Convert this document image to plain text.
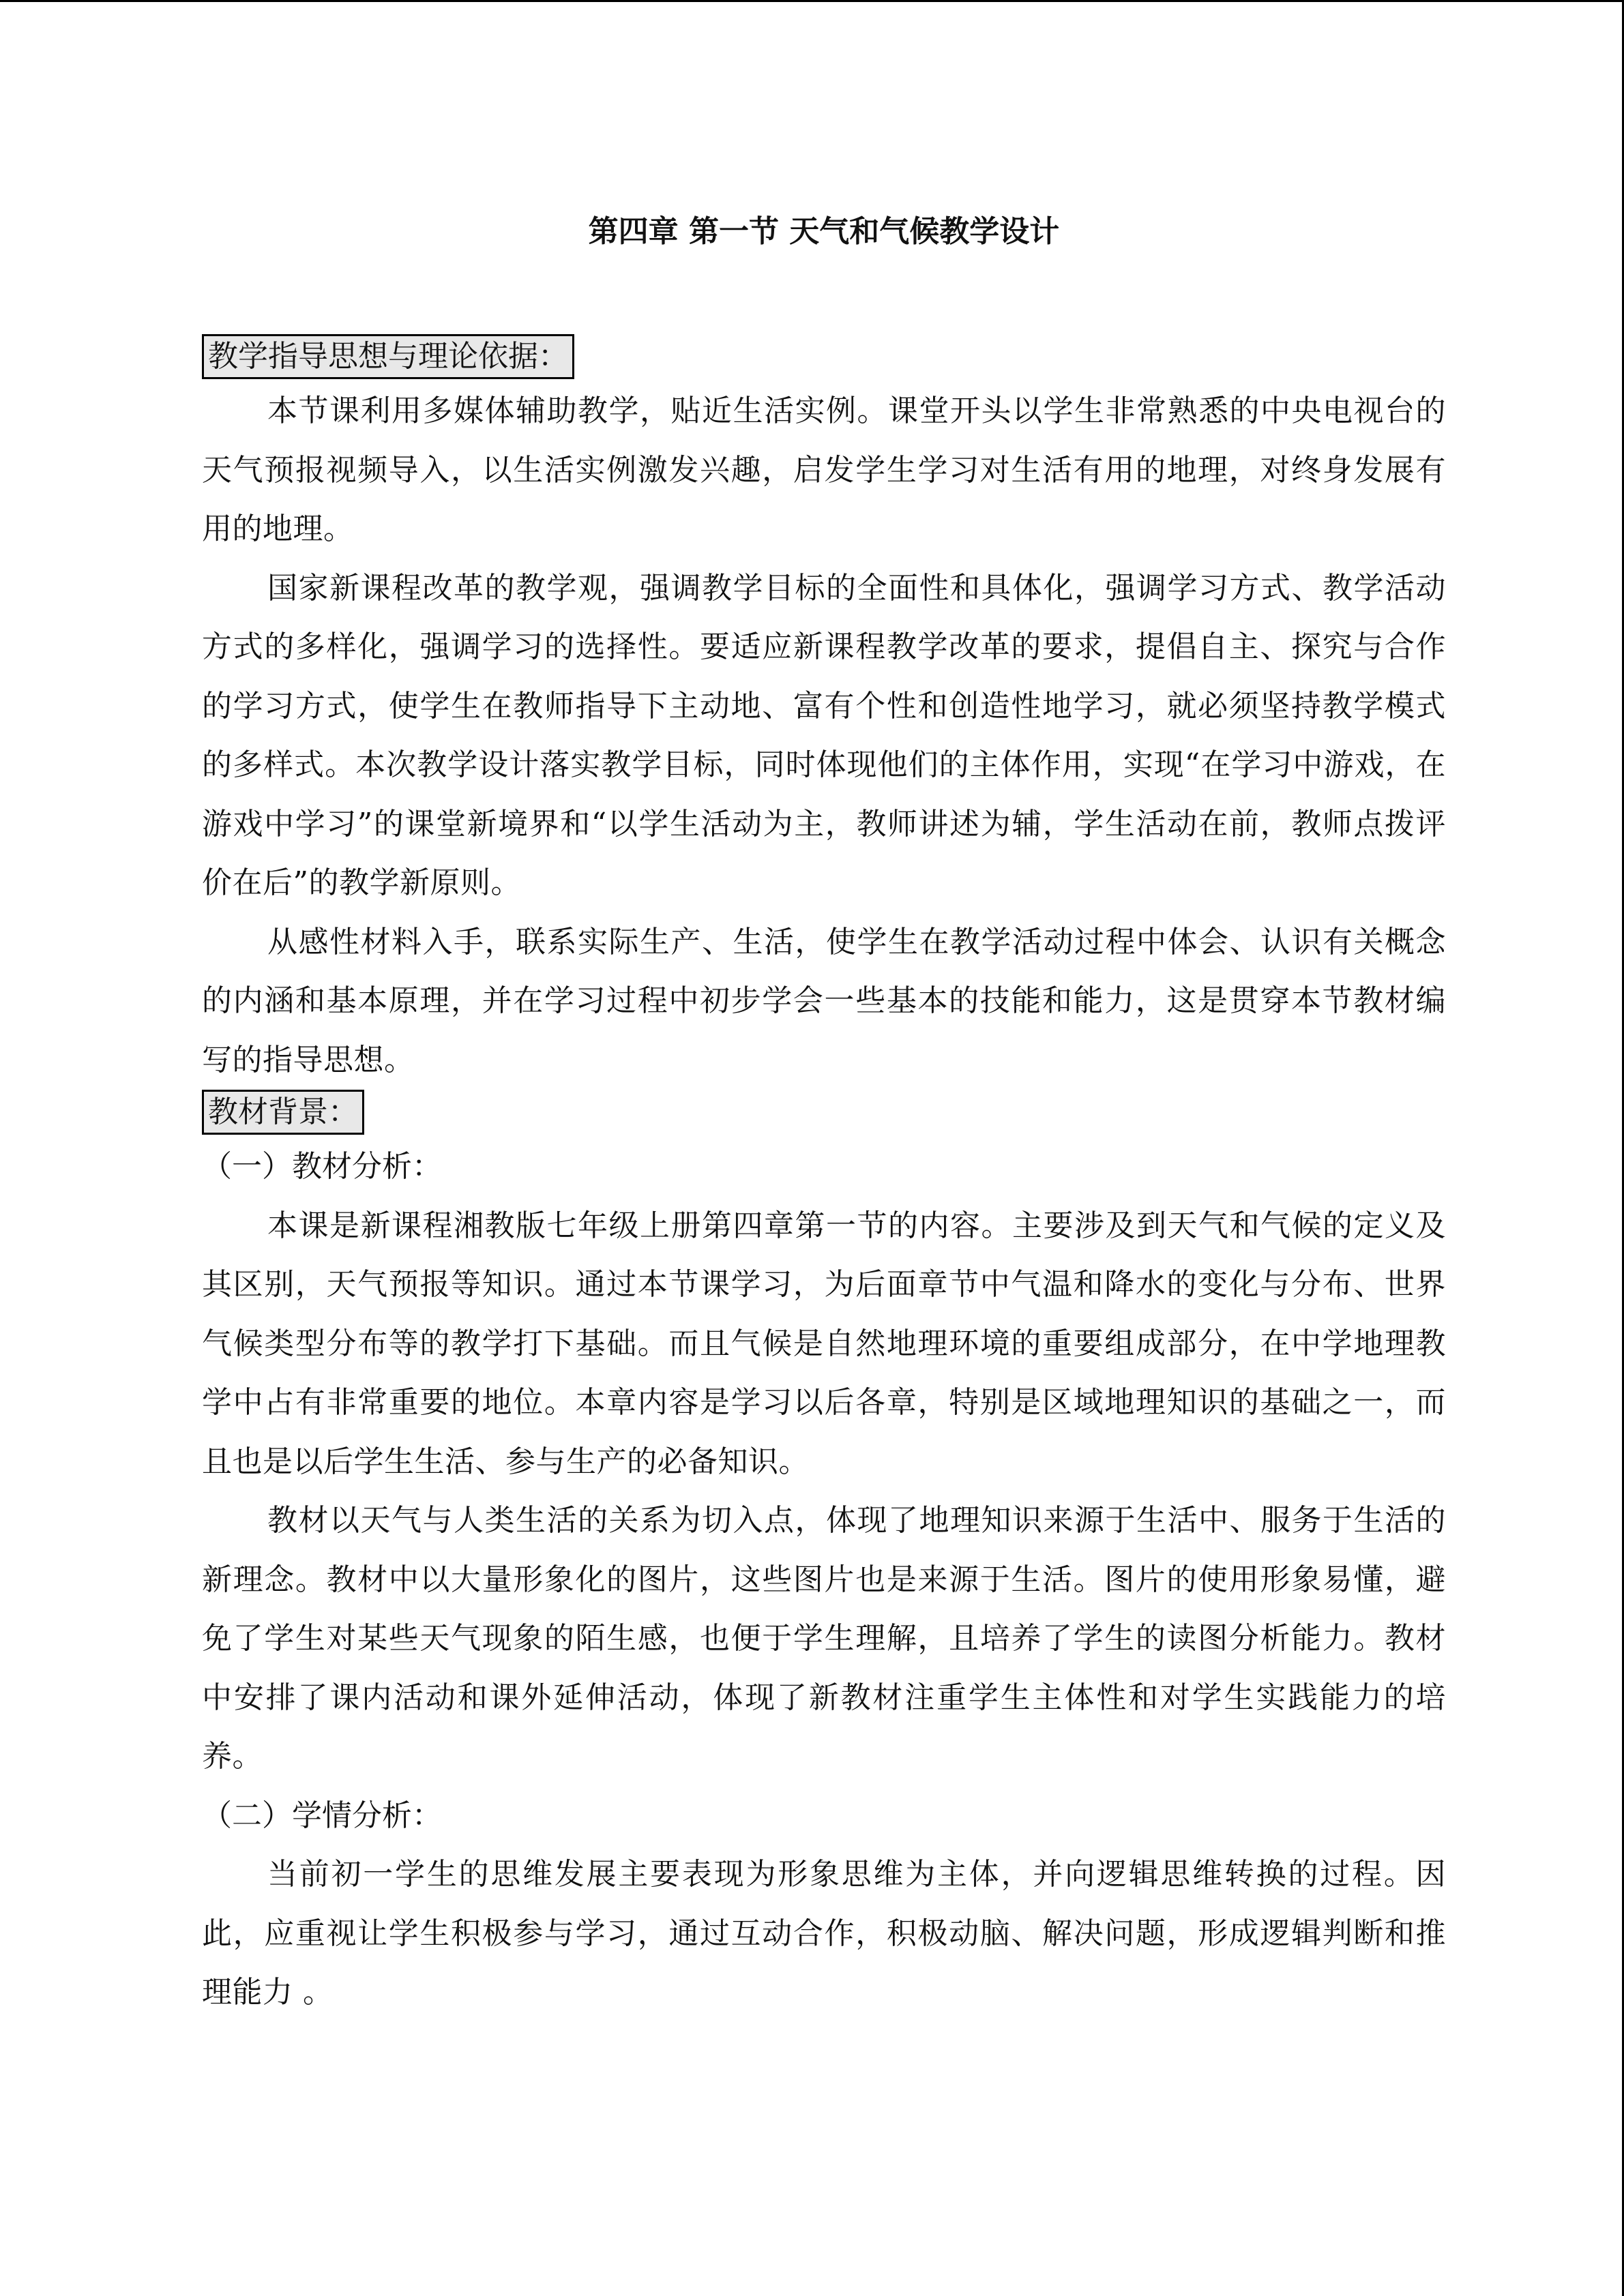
第四章 第一节 天气和气候教学设计
教学指导思想与理论依据：

本节课利用多媒体辅助教学，贴近生活实例。课堂开头以学生非常熟悉的中央电视台的天气预报视频导入，以生活实例激发兴趣，启发学生学习对生活有用的地理，对终身发展有用的地理。

国家新课程改革的教学观，强调教学目标的全面性和具体化，强调学习方式、教学活动方式的多样化，强调学习的选择性。要适应新课程教学改革的要求，提倡自主、探究与合作的学习方式，使学生在教师指导下主动地、富有个性和创造性地学习，就必须坚持教学模式的多样式。本次教学设计落实教学目标，同时体现他们的主体作用，实现“在学习中游戏，在游戏中学习”的课堂新境界和“以学生活动为主，教师讲述为辅，学生活动在前，教师点拨评价在后”的教学新原则。

从感性材料入手，联系实际生产、生活，使学生在教学活动过程中体会、认识有关概念的内涵和基本原理，并在学习过程中初步学会一些基本的技能和能力，这是贯穿本节教材编写的指导思想。

教材背景：

（一）教材分析：

本课是新课程湘教版七年级上册第四章第一节的内容。主要涉及到天气和气候的定义及其区别，天气预报等知识。通过本节课学习，为后面章节中气温和降水的变化与分布、世界气候类型分布等的教学打下基础。而且气候是自然地理环境的重要组成部分，在中学地理教学中占有非常重要的地位。本章内容是学习以后各章，特别是区域地理知识的基础之一，而且也是以后学生生活、参与生产的必备知识。

教材以天气与人类生活的关系为切入点，体现了地理知识来源于生活中、服务于生活的新理念。教材中以大量形象化的图片，这些图片也是来源于生活。图片的使用形象易懂，避免了学生对某些天气现象的陌生感，也便于学生理解，且培养了学生的读图分析能力。教材中安排了课内活动和课外延伸活动，体现了新教材注重学生主体性和对学生实践能力的培养。

（二）学情分析：

当前初一学生的思维发展主要表现为形象思维为主体，并向逻辑思维转换的过程。因此，应重视让学生积极参与学习，通过互动合作，积极动脑、解决问题，形成逻辑判断和推理能力 。
